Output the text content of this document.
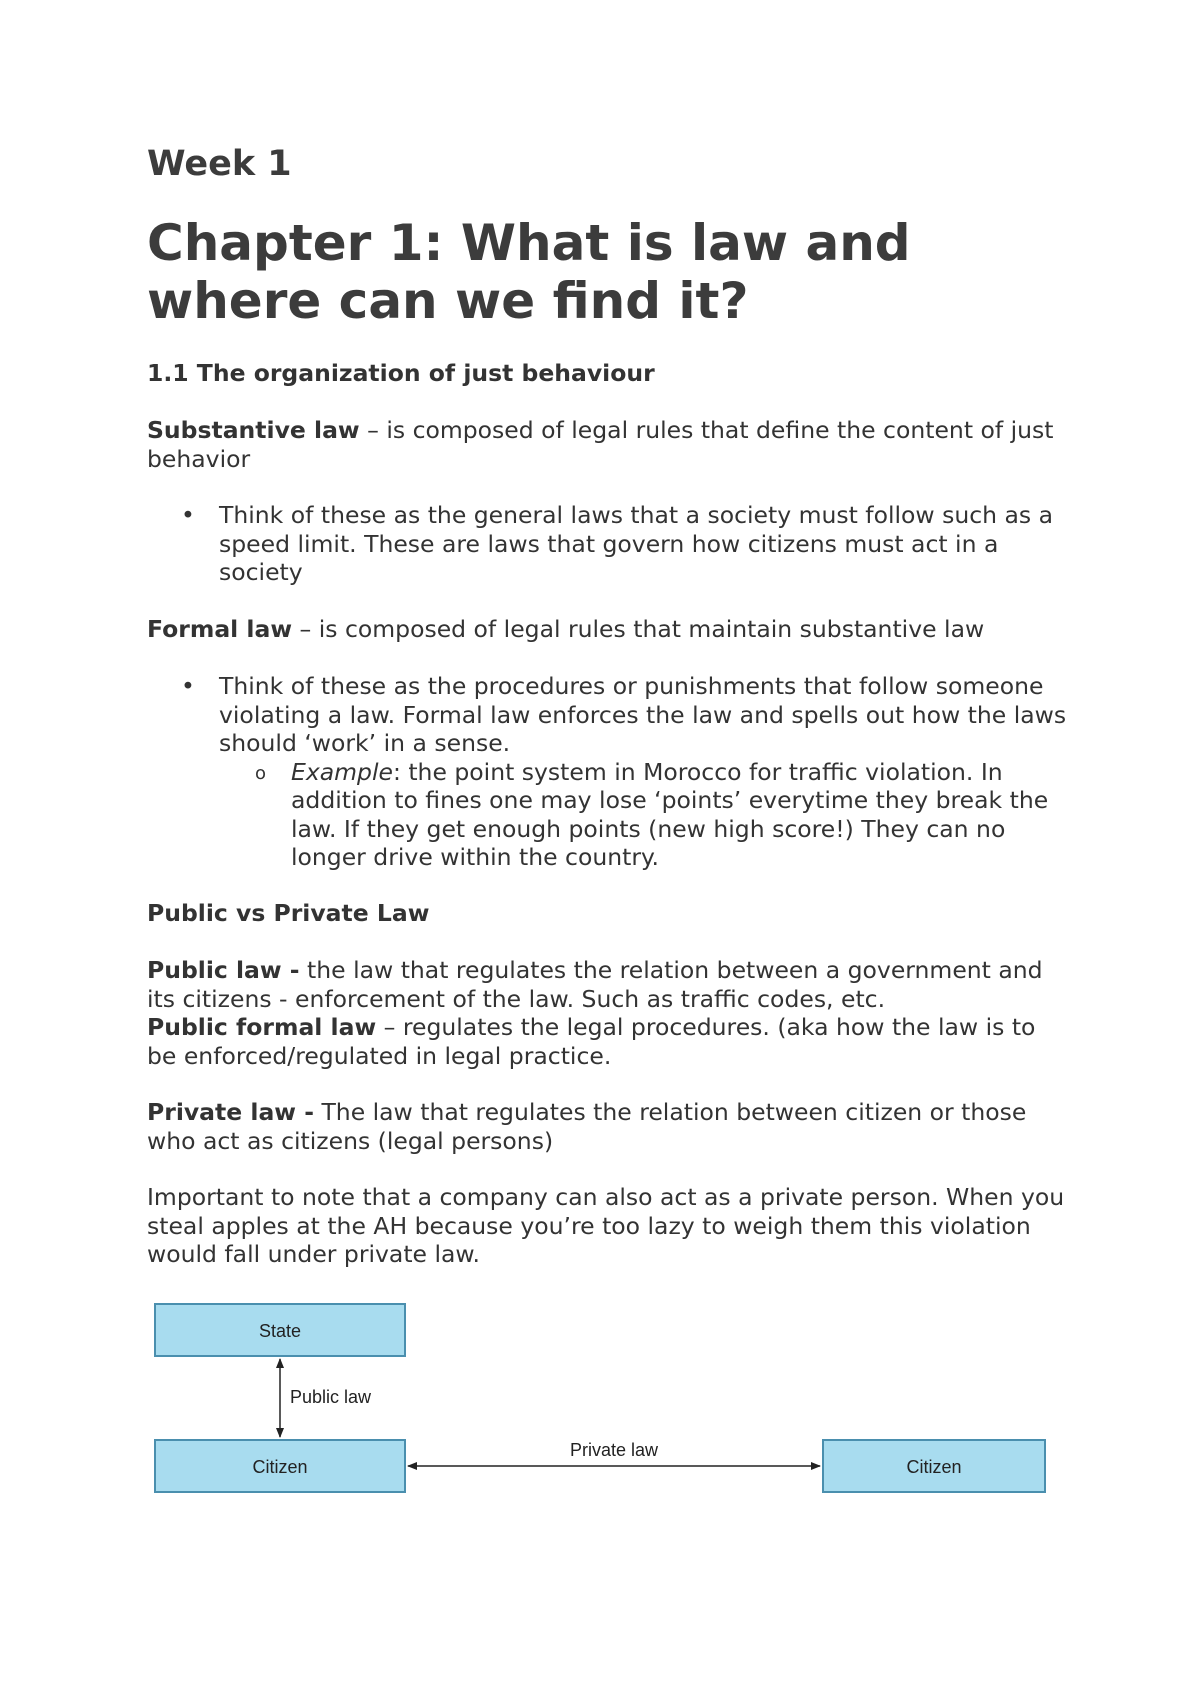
Week 1
Chapter 1: What is law and where can we find it?

1.1 The organization of just behaviour

Substantive law – is composed of legal rules that define the content of just behavior

• Think of these as the general laws that a society must follow such as a speed limit. These are laws that govern how citizens must act in a society

Formal law – is composed of legal rules that maintain substantive law

• Think of these as the procedures or punishments that follow someone violating a law. Formal law enforces the law and spells out how the laws should ‘work’ in a sense.

o Example: the point system in Morocco for traffic violation. In addition to fines one may lose ‘points’ everytime they break the law. If they get enough points (new high score!) They can no longer drive within the country.

Public vs Private Law

Public law - the law that regulates the relation between a government and its citizens - enforcement of the law. Such as traffic codes, etc.

Public formal law – regulates the legal procedures. (aka how the law is to be enforced/regulated in legal practice.

Private law - The law that regulates the relation between citizen or those who act as citizens (legal persons)

Important to note that a company can also act as a private person. When you steal apples at the AH because you’re too lazy to weigh them this violation would fall under private law.

State
Citizen	Citizen
Public law
Private law
